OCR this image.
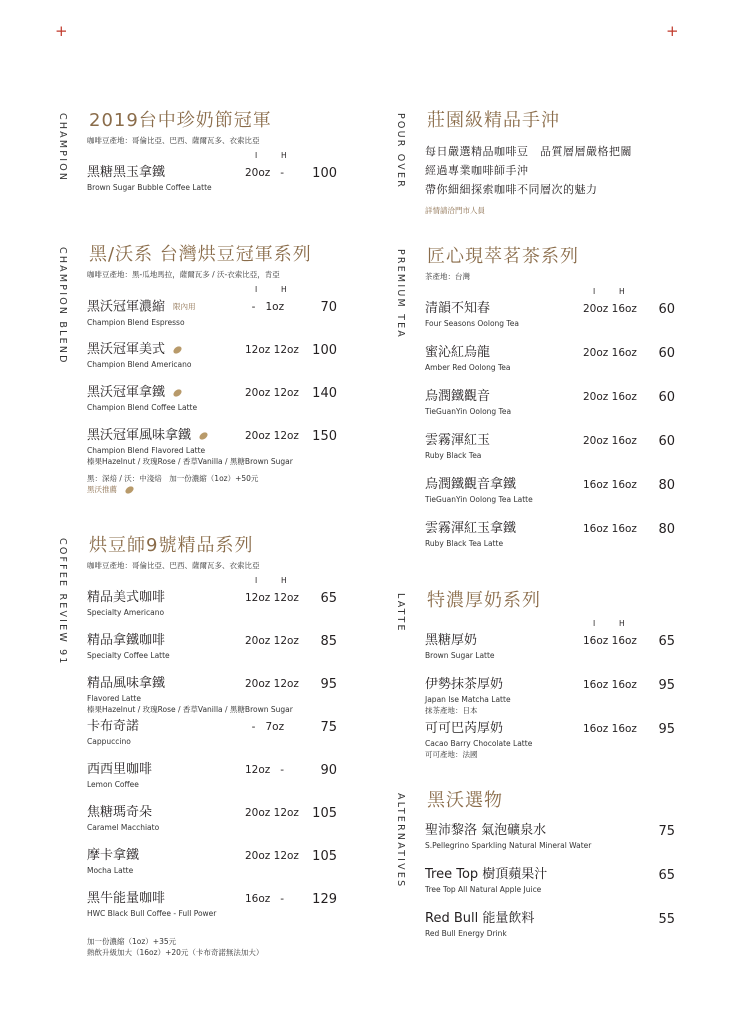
+	+
CHAMPION 2019台中珍奶節冠軍
咖啡豆產地：哥倫比亞、巴西、薩爾瓦多、衣索比亞
I	H
黑糖黑玉拿鐵
Brown Sugar Bubble Coffee Latte
20oz   -	100
CHAMPION BLEND 黑/沃系 台灣烘豆冠軍系列
咖啡豆產地：黑-瓜地馬拉，薩爾瓦多 / 沃-衣索比亞，肯亞
I	H
黑沃冠軍濃縮 限內用
Champion Blend Espresso
-   1oz	70
黑沃冠軍美式
Champion Blend Americano
12oz 12oz	100
黑沃冠軍拿鐵
Champion Blend Coffee Latte
20oz 12oz	140
黑沃冠軍風味拿鐵
Champion Blend Flavored Latte
榛果Hazelnut / 玫瑰Rose / 香草Vanilla / 黑糖Brown Sugar
20oz 12oz	150
黑：深焙 / 沃：中淺焙　加一份濃縮（1oz）+50元
黑沃推薦
COFFEE REVIEW 91 烘豆師9號精品系列
咖啡豆產地：哥倫比亞、巴西、薩爾瓦多、衣索比亞
I	H
精品美式咖啡
Specialty Americano
12oz 12oz	65
精品拿鐵咖啡
Specialty Coffee Latte
20oz 12oz	85
精品風味拿鐵
Flavored Latte
榛果Hazelnut / 玫瑰Rose / 香草Vanilla / 黑糖Brown Sugar
20oz 12oz	95
卡布奇諾
Cappuccino
-   7oz	75
西西里咖啡
Lemon Coffee
12oz   -	90
焦糖瑪奇朵
Caramel Macchiato
20oz 12oz	105
摩卡拿鐵
Mocha Latte
20oz 12oz	105
黑牛能量咖啡
HWC Black Bull Coffee - Full Power
16oz   -	129
加一份濃縮（1oz）+35元
熱飲升級加大（16oz）+20元（卡布奇諾無法加大）
POUR OVER 莊園級精品手沖
每日嚴選精品咖啡豆　品質層層嚴格把關
經過專業咖啡師手沖
帶你細細探索咖啡不同層次的魅力
詳情請洽門市人員
PREMIUM TEA 匠心現萃茗茶系列
茶產地：台灣
I	H
清韻不知春
Four Seasons Oolong Tea
20oz 16oz	60
蜜沁紅烏龍
Amber Red Oolong Tea
20oz 16oz	60
烏潤鐵觀音
TieGuanYin Oolong Tea
20oz 16oz	60
雲霧渾紅玉
Ruby Black Tea
20oz 16oz	60
烏潤鐵觀音拿鐵
TieGuanYin Oolong Tea Latte
16oz 16oz	80
雲霧渾紅玉拿鐵
Ruby Black Tea Latte
16oz 16oz	80
LATTE 特濃厚奶系列
I	H
黑糖厚奶
Brown Sugar Latte
16oz 16oz	65
伊勢抹茶厚奶
Japan Ise Matcha Latte
抹茶產地：日本
16oz 16oz	95
可可巴芮厚奶
Cacao Barry Chocolate Latte
可可產地：法國
16oz 16oz	95
ALTERNATIVES 黑沃選物
聖沛黎洛 氣泡礦泉水
S.Pellegrino Sparkling Natural Mineral Water
75
Tree Top 樹頂蘋果汁
Tree Top All Natural Apple Juice
65
Red Bull 能量飲料
Red Bull Energy Drink
55
